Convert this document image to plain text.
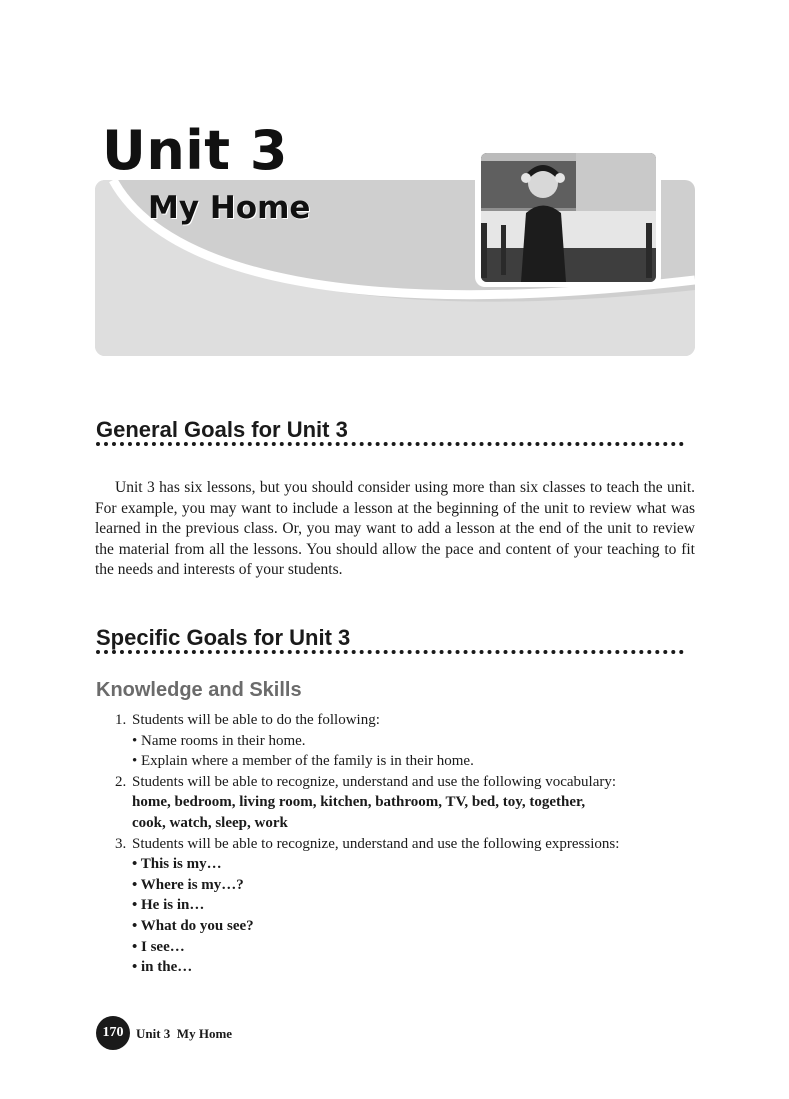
Unit 3
My Home
General Goals for Unit 3

Unit 3 has six lessons, but you should consider using more than six classes to teach the unit. For example, you may want to include a lesson at the beginning of the unit to review what was learned in the previous class. Or, you may want to add a lesson at the end of the unit to review the material from all the lessons. You should allow the pace and content of your teaching to fit the needs and interests of your students.

Specific Goals for Unit 3
Knowledge and Skills
1. Students will be able to do the following:
• Name rooms in their home.
• Explain where a member of the family is in their home.
2. Students will be able to recognize, understand and use the following vocabulary:
home, bedroom, living room, kitchen, bathroom, TV, bed, toy, together,
cook, watch, sleep, work
3. Students will be able to recognize, understand and use the following expressions:
• This is my…
• Where is my…?
• He is in…
• What do you see?
• I see…
• in the…
170 Unit 3  My Home
